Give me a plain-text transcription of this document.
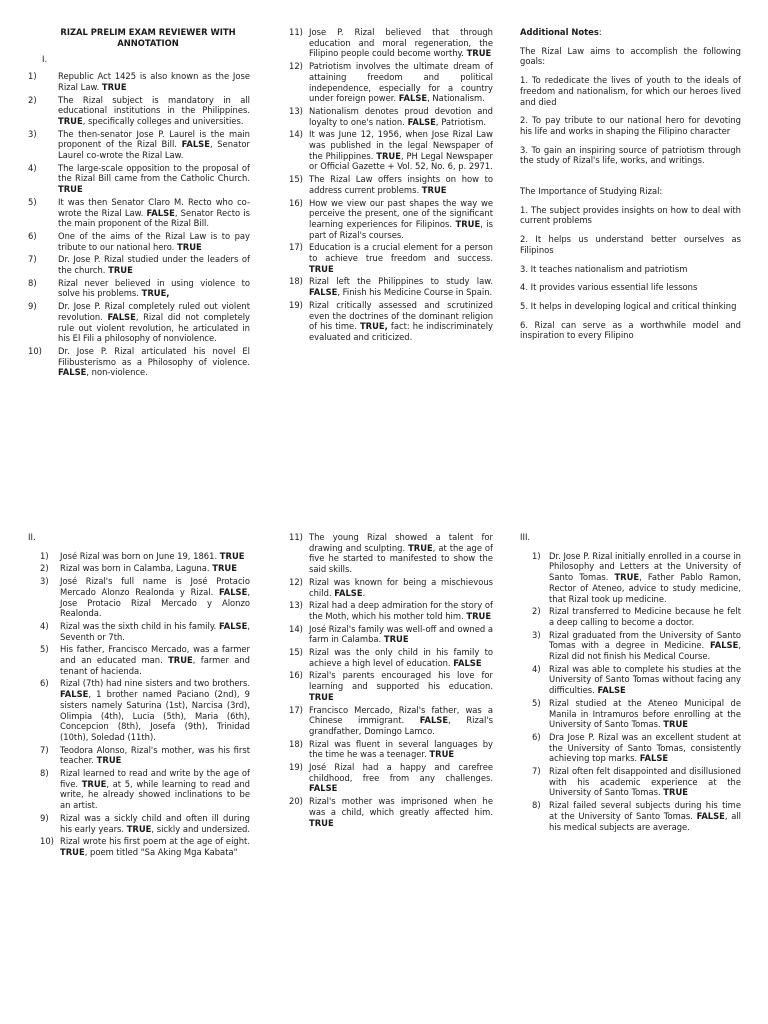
RIZAL PRELIM EXAM REVIEWER WITH
ANNOTATION
I.
1)	Republic Act 1425 is also known as the Jose Rizal Law. TRUE
2)	The Rizal subject is mandatory in all educational institutions in the Philippines. TRUE, specifically colleges and universities.
3)	The then-senator Jose P. Laurel is the main proponent of the Rizal Bill. FALSE, Senator Laurel co-wrote the Rizal Law.
4)	The large-scale opposition to the proposal of the Rizal Bill came from the Catholic Church. TRUE
5)	It was then Senator Claro M. Recto who co-wrote the Rizal Law. FALSE, Senator Recto is the main proponent of the Rizal Bill.
6)	One of the aims of the Rizal Law is to pay tribute to our national hero. TRUE
7)	Dr. Jose P. Rizal studied under the leaders of the church. TRUE
8)	Rizal never believed in using violence to solve his problems. TRUE,
9)	Dr. Jose P. Rizal completely ruled out violent revolution. FALSE, Rizal did not completely rule out violent revolution, he articulated in his El Fili a philosophy of nonviolence.
10)	Dr. Jose P. Rizal articulated his novel El Filibusterismo as a Philosophy of violence. FALSE, non-violence.
11) Jose P. Rizal believed that through education and moral regeneration, the Filipino people could become worthy. TRUE
12) Patriotism involves the ultimate dream of attaining freedom and political independence, especially for a country under foreign power. FALSE, Nationalism.
13) Nationalism denotes proud devotion and loyalty to one's nation. FALSE, Patriotism.
14) It was June 12, 1956, when Jose Rizal Law was published in the legal Newspaper of the Philippines. TRUE, PH Legal Newspaper or Official Gazette + Vol. 52, No. 6, p. 2971.
15) The Rizal Law offers insights on how to address current problems. TRUE
16) How we view our past shapes the way we perceive the present, one of the significant learning experiences for Filipinos. TRUE, is part of Rizal's courses.
17) Education is a crucial element for a person to achieve true freedom and success. TRUE
18) Rizal left the Philippines to study law. FALSE, Finish his Medicine Course in Spain.
19) Rizal critically assessed and scrutinized even the doctrines of the dominant religion of his time. TRUE, fact: he indiscriminately evaluated and criticized.
Additional Notes:
The Rizal Law aims to accomplish the following goals:
1. To rededicate the lives of youth to the ideals of freedom and nationalism, for which our heroes lived and died
2. To pay tribute to our national hero for devoting his life and works in shaping the Filipino character
3. To gain an inspiring source of patriotism through the study of Rizal's life, works, and writings.
The Importance of Studying Rizal:
1. The subject provides insights on how to deal with current problems
2. It helps us understand better ourselves as Filipinos
3. It teaches nationalism and patriotism
4. It provides various essential life lessons
5. It helps in developing logical and critical thinking
6. Rizal can serve as a worthwhile model and inspiration to every Filipino
II.
1)	José Rizal was born on June 19, 1861. TRUE
2)	Rizal was born in Calamba, Laguna. TRUE
3)	José Rizal's full name is José Protacio Mercado Alonzo Realonda y Rizal. FALSE, Jose Protacio Rizal Mercado y Alonzo Realonda.
4)	Rizal was the sixth child in his family. FALSE, Seventh or 7th.
5)	His father, Francisco Mercado, was a farmer and an educated man. TRUE, farmer and tenant of hacienda.
6)	Rizal (7th) had nine sisters and two brothers. FALSE, 1 brother named Paciano (2nd), 9 sisters namely Saturina (1st), Narcisa (3rd), Olimpia (4th), Lucia (5th), Maria (6th), Concepcion (8th), Josefa (9th), Trinidad (10th), Soledad (11th).
7)	Teodora Alonso, Rizal's mother, was his first teacher. TRUE
8)	Rizal learned to read and write by the age of five. TRUE, at 5, while learning to read and write, he already showed inclinations to be an artist.
9)	Rizal was a sickly child and often ill during his early years. TRUE, sickly and undersized.
10) Rizal wrote his first poem at the age of eight. TRUE, poem titled "Sa Aking Mga Kabata"
11) The young Rizal showed a talent for drawing and sculpting. TRUE, at the age of five he started to manifested to show the said skills.
12) Rizal was known for being a mischievous child. FALSE.
13) Rizal had a deep admiration for the story of the Moth, which his mother told him. TRUE
14) José Rizal's family was well-off and owned a farm in Calamba. TRUE
15) Rizal was the only child in his family to achieve a high level of education. FALSE
16) Rizal's parents encouraged his love for learning and supported his education. TRUE
17) Francisco Mercado, Rizal's father, was a Chinese immigrant. FALSE, Rizal's grandfather, Domingo Lamco.
18) Rizal was fluent in several languages by the time he was a teenager. TRUE
19) José Rizal had a happy and carefree childhood, free from any challenges. FALSE
20) Rizal's mother was imprisoned when he was a child, which greatly affected him. TRUE
III.
1) Dr. Jose P. Rizal initially enrolled in a course in Philosophy and Letters at the University of Santo Tomas. TRUE, Father Pablo Ramon, Rector of Ateneo, advice to study medicine, that Rizal took up medicine.
2) Rizal transferred to Medicine because he felt a deep calling to become a doctor.
3) Rizal graduated from the University of Santo Tomas with a degree in Medicine. FALSE, Rizal did not finish his Medical Course.
4) Rizal was able to complete his studies at the University of Santo Tomas without facing any difficulties. FALSE
5) Rizal studied at the Ateneo Municipal de Manila in Intramuros before enrolling at the University of Santo Tomas. TRUE
6) Dra Jose P. Rizal was an excellent student at the University of Santo Tomas, consistently achieving top marks. FALSE
7) Rizal often felt disappointed and disillusioned with his academic experience at the University of Santo Tomas. TRUE
8) Rizal failed several subjects during his time at the University of Santo Tomas. FALSE, all his medical subjects are average.
